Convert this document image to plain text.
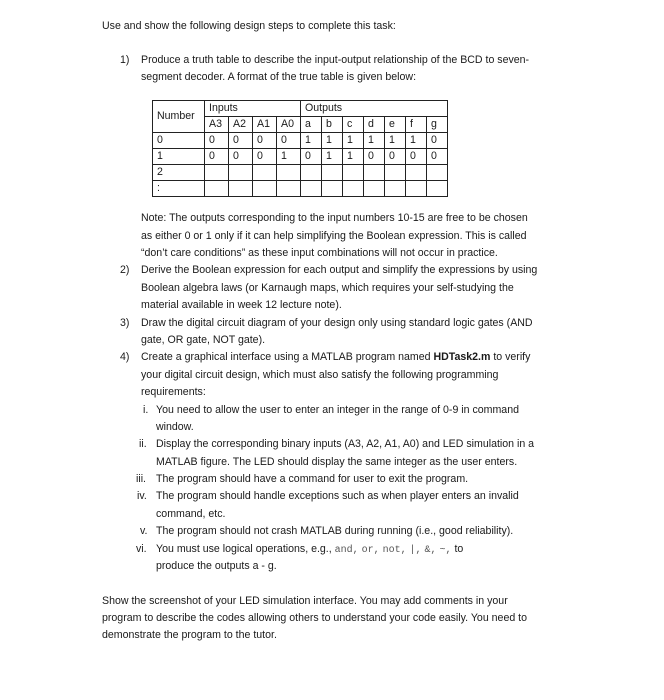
Use and show the following design steps to complete this task:
1) Produce a truth table to describe the input-output relationship of the BCD to seven-
segment decoder. A format of the true table is given below:
Number	Inputs				Outputs						
	A3	A2	A1	A0	a	b	c	d	e	f	g
0	0	0	0	0	1	1	1	1	1	1	0
1	0	0	0	1	0	1	1	0	0	0	0
2											
:											
Note: The outputs corresponding to the input numbers 10-15 are free to be chosen
as either 0 or 1 only if it can help simplifying the Boolean expression. This is called
“don’t care conditions” as these input combinations will not occur in practice.
2) Derive the Boolean expression for each output and simplify the expressions by using
Boolean algebra laws (or Karnaugh maps, which requires your self-studying the
material available in week 12 lecture note).
3) Draw the digital circuit diagram of your design only using standard logic gates (AND
gate, OR gate, NOT gate).
4) Create a graphical interface using a MATLAB program named HDTask2.m to verify
your digital circuit design, which must also satisfy the following programming
requirements:
i. You need to allow the user to enter an integer in the range of 0-9 in command
window.
ii. Display the corresponding binary inputs (A3, A2, A1, A0) and LED simulation in a
MATLAB figure. The LED should display the same integer as the user enters.
iii. The program should have a command for user to exit the program.
iv. The program should handle exceptions such as when player enters an invalid
command, etc.
v. The program should not crash MATLAB during running (i.e., good reliability).
vi. You must use logical operations, e.g., and, or, not, |, &, ~, to
produce the outputs a - g.
Show the screenshot of your LED simulation interface. You may add comments in your
program to describe the codes allowing others to understand your code easily. You need to
demonstrate the program to the tutor.
